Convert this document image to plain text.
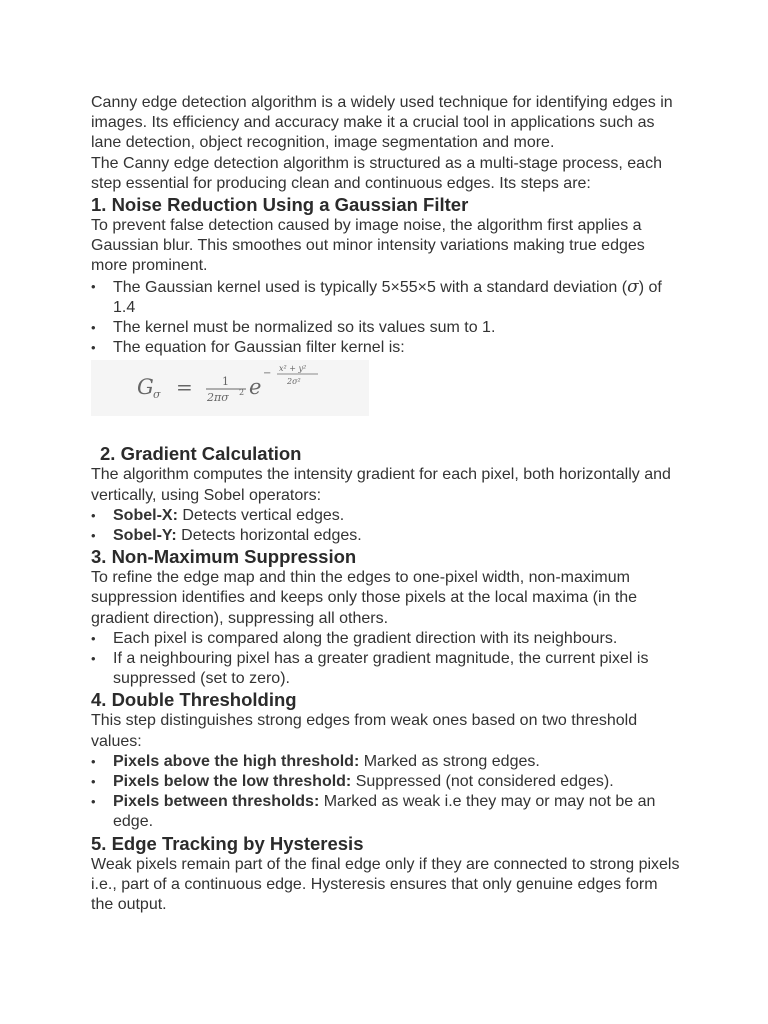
Canny edge detection algorithm is a widely used technique for identifying edges in images. Its efficiency and accuracy make it a crucial tool in applications such as lane detection, object recognition, image segmentation and more.

The Canny edge detection algorithm is structured as a multi-stage process, each step essential for producing clean and continuous edges. Its steps are:

1. Noise Reduction Using a Gaussian Filter

To prevent false detection caused by image noise, the algorithm first applies a Gaussian blur. This smoothes out minor intensity variations making true edges more prominent.

• The Gaussian kernel used is typically 5×55×5 with a standard deviation (σ) of 1.4
• The kernel must be normalized so its values sum to 1.
• The equation for Gaussian filter kernel is:
G σ =	1
2πσ 2 e
− x² + y²
2σ²
2. Gradient Calculation

The algorithm computes the intensity gradient for each pixel, both horizontally and vertically, using Sobel operators:

• Sobel-X: Detects vertical edges.
• Sobel-Y: Detects horizontal edges.
3. Non-Maximum Suppression

To refine the edge map and thin the edges to one-pixel width, non-maximum suppression identifies and keeps only those pixels at the local maxima (in the gradient direction), suppressing all others.

• Each pixel is compared along the gradient direction with its neighbours.
• If a neighbouring pixel has a greater gradient magnitude, the current pixel is suppressed (set to zero).
4. Double Thresholding

This step distinguishes strong edges from weak ones based on two threshold values:

• Pixels above the high threshold: Marked as strong edges.
• Pixels below the low threshold: Suppressed (not considered edges).
• Pixels between thresholds: Marked as weak i.e they may or may not be an edge.
5. Edge Tracking by Hysteresis

Weak pixels remain part of the final edge only if they are connected to strong pixels i.e., part of a continuous edge. Hysteresis ensures that only genuine edges form the output.
